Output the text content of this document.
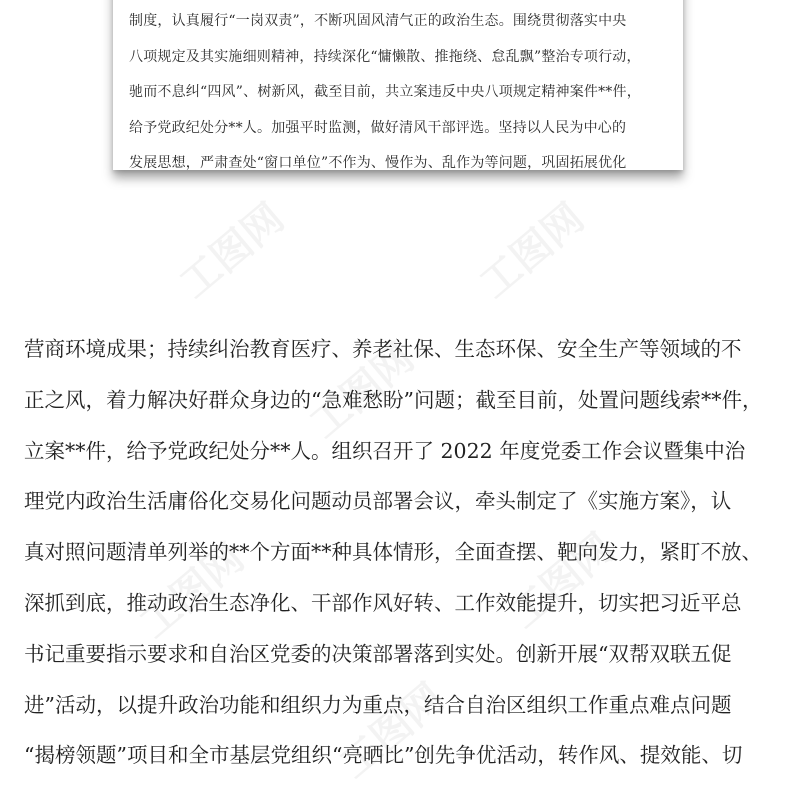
工图网	工图网
工图网
工图网	工图网
工图网
制度，认真履行“一岗双责”，不断巩固风清气正的政治生态。围绕贯彻落实中央
八项规定及其实施细则精神，持续深化“慵懒散、推拖绕、怠乱飘”整治专项行动，
驰而不息纠“四风”、树新风，截至目前，共立案违反中央八项规定精神案件**件，
给予党政纪处分**人。加强平时监测，做好清风干部评选。坚持以人民为中心的
发展思想，严肃查处“窗口单位”不作为、慢作为、乱作为等问题，巩固拓展优化
营商环境成果；持续纠治教育医疗、养老社保、生态环保、安全生产等领域的不
正之风，着力解决好群众身边的“急难愁盼”问题；截至目前，处置问题线索**件，
立案**件，给予党政纪处分**人。组织召开了 2022 年度党委工作会议暨集中治
理党内政治生活庸俗化交易化问题动员部署会议，牵头制定了《实施方案》，认
真对照问题清单列举的**个方面**种具体情形，全面查摆、靶向发力，紧盯不放、
深抓到底，推动政治生态净化、干部作风好转、工作效能提升，切实把习近平总
书记重要指示要求和自治区党委的决策部署落到实处。创新开展“双帮双联五促
进”活动，以提升政治功能和组织力为重点，结合自治区组织工作重点难点问题
“揭榜领题”项目和全市基层党组织“亮晒比”创先争优活动，转作风、提效能、切
